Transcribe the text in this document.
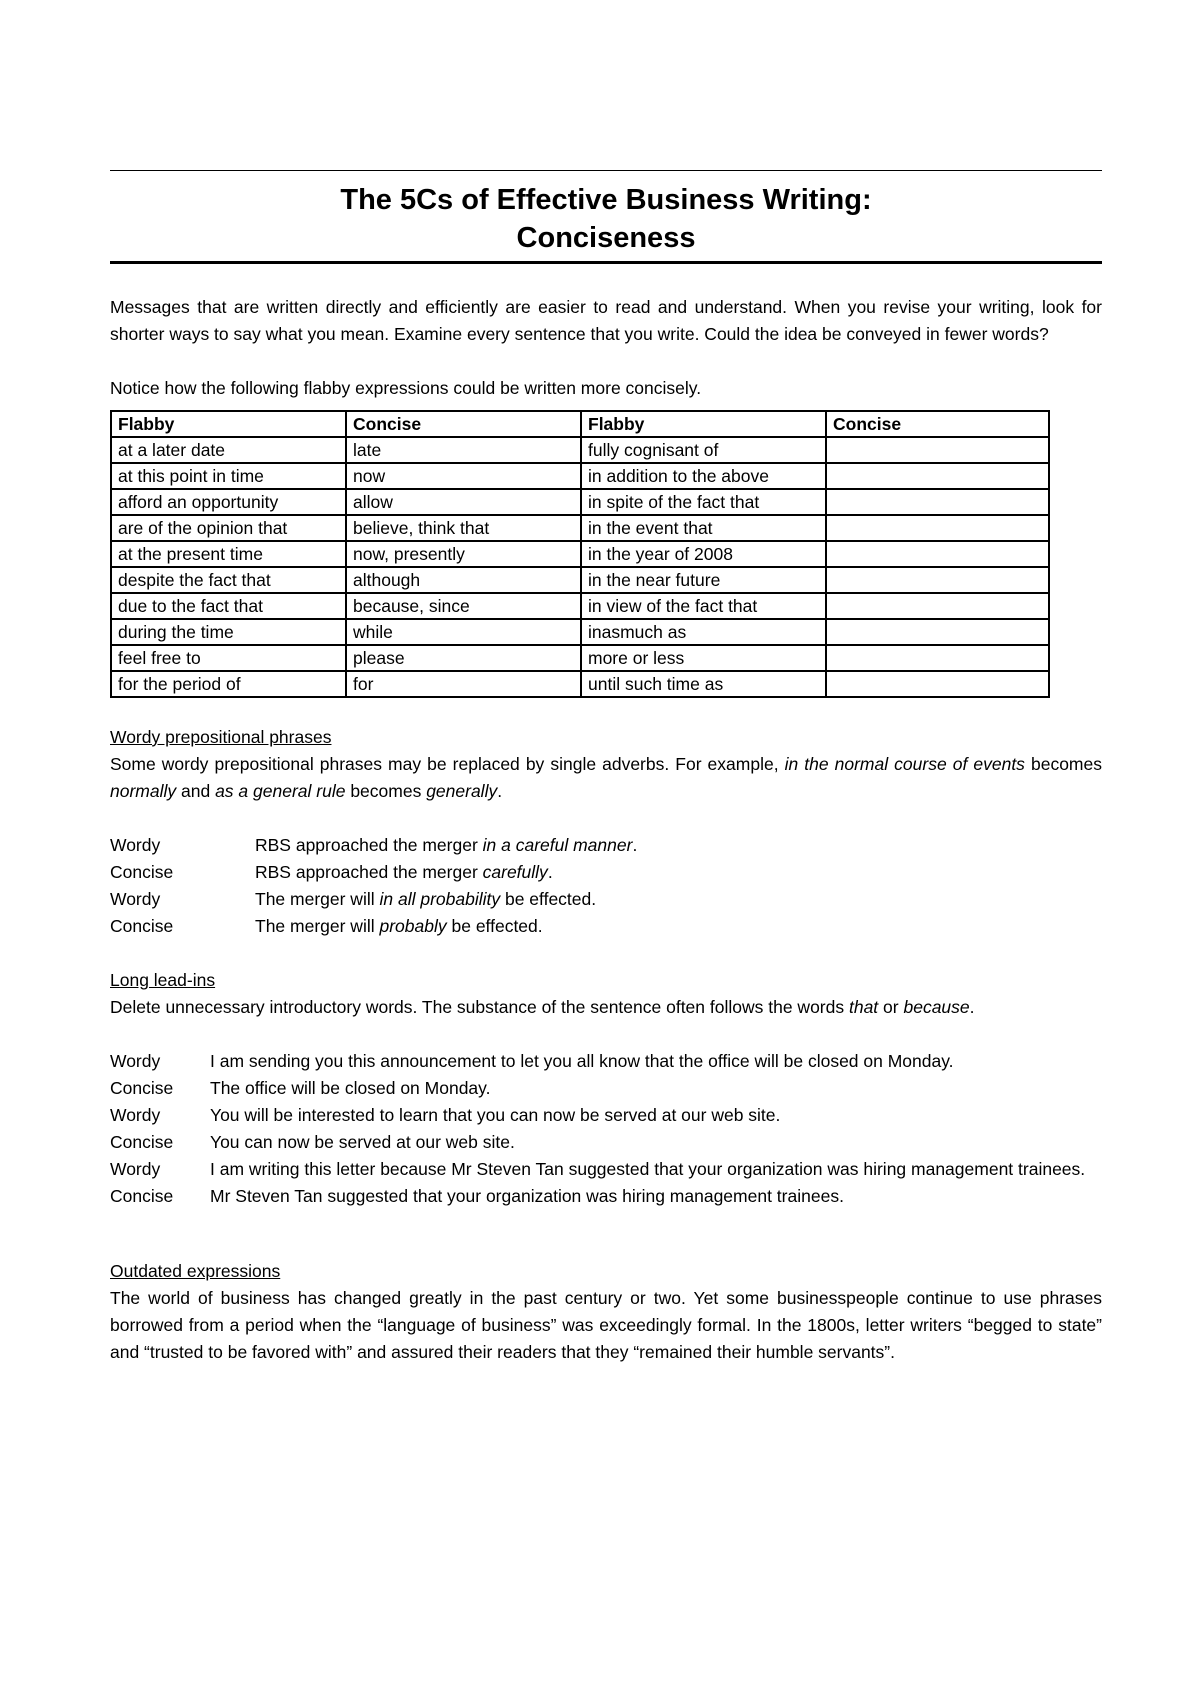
The 5Cs of Effective Business Writing:
Conciseness

Messages that are written directly and efficiently are easier to read and understand. When you revise your writing, look for shorter ways to say what you mean. Examine every sentence that you write. Could the idea be conveyed in fewer words?

Notice how the following flabby expressions could be written more concisely.

Flabby	Concise	Flabby	Concise
at a later date	late	fully cognisant of	
at this point in time	now	in addition to the above	
afford an opportunity	allow	in spite of the fact that	
are of the opinion that	believe, think that	in the event that	
at the present time	now, presently	in the year of 2008	
despite the fact that	although	in the near future	
due to the fact that	because, since	in view of the fact that	
during the time	while	inasmuch as	
feel free to	please	more or less	
for the period of	for	until such time as	
Wordy prepositional phrases

Some wordy prepositional phrases may be replaced by single adverbs. For example, in the normal course of events becomes normally and as a general rule becomes generally.

Wordy	RBS approached the merger in a careful manner.
Concise	RBS approached the merger carefully.
Wordy	The merger will in all probability be effected.
Concise	The merger will probably be effected.
Long lead-ins

Delete unnecessary introductory words. The substance of the sentence often follows the words that or because.

Wordy	I am sending you this announcement to let you all know that the office will be closed on Monday.
Concise	The office will be closed on Monday.
Wordy	You will be interested to learn that you can now be served at our web site.
Concise	You can now be served at our web site.
Wordy	I am writing this letter because Mr Steven Tan suggested that your organization was hiring management trainees.
Concise	Mr Steven Tan suggested that your organization was hiring management trainees.
Outdated expressions

The world of business has changed greatly in the past century or two. Yet some businesspeople continue to use phrases borrowed from a period when the “language of business” was exceedingly formal. In the 1800s, letter writers “begged to state” and “trusted to be favored with” and assured their readers that they “remained their humble servants”.
